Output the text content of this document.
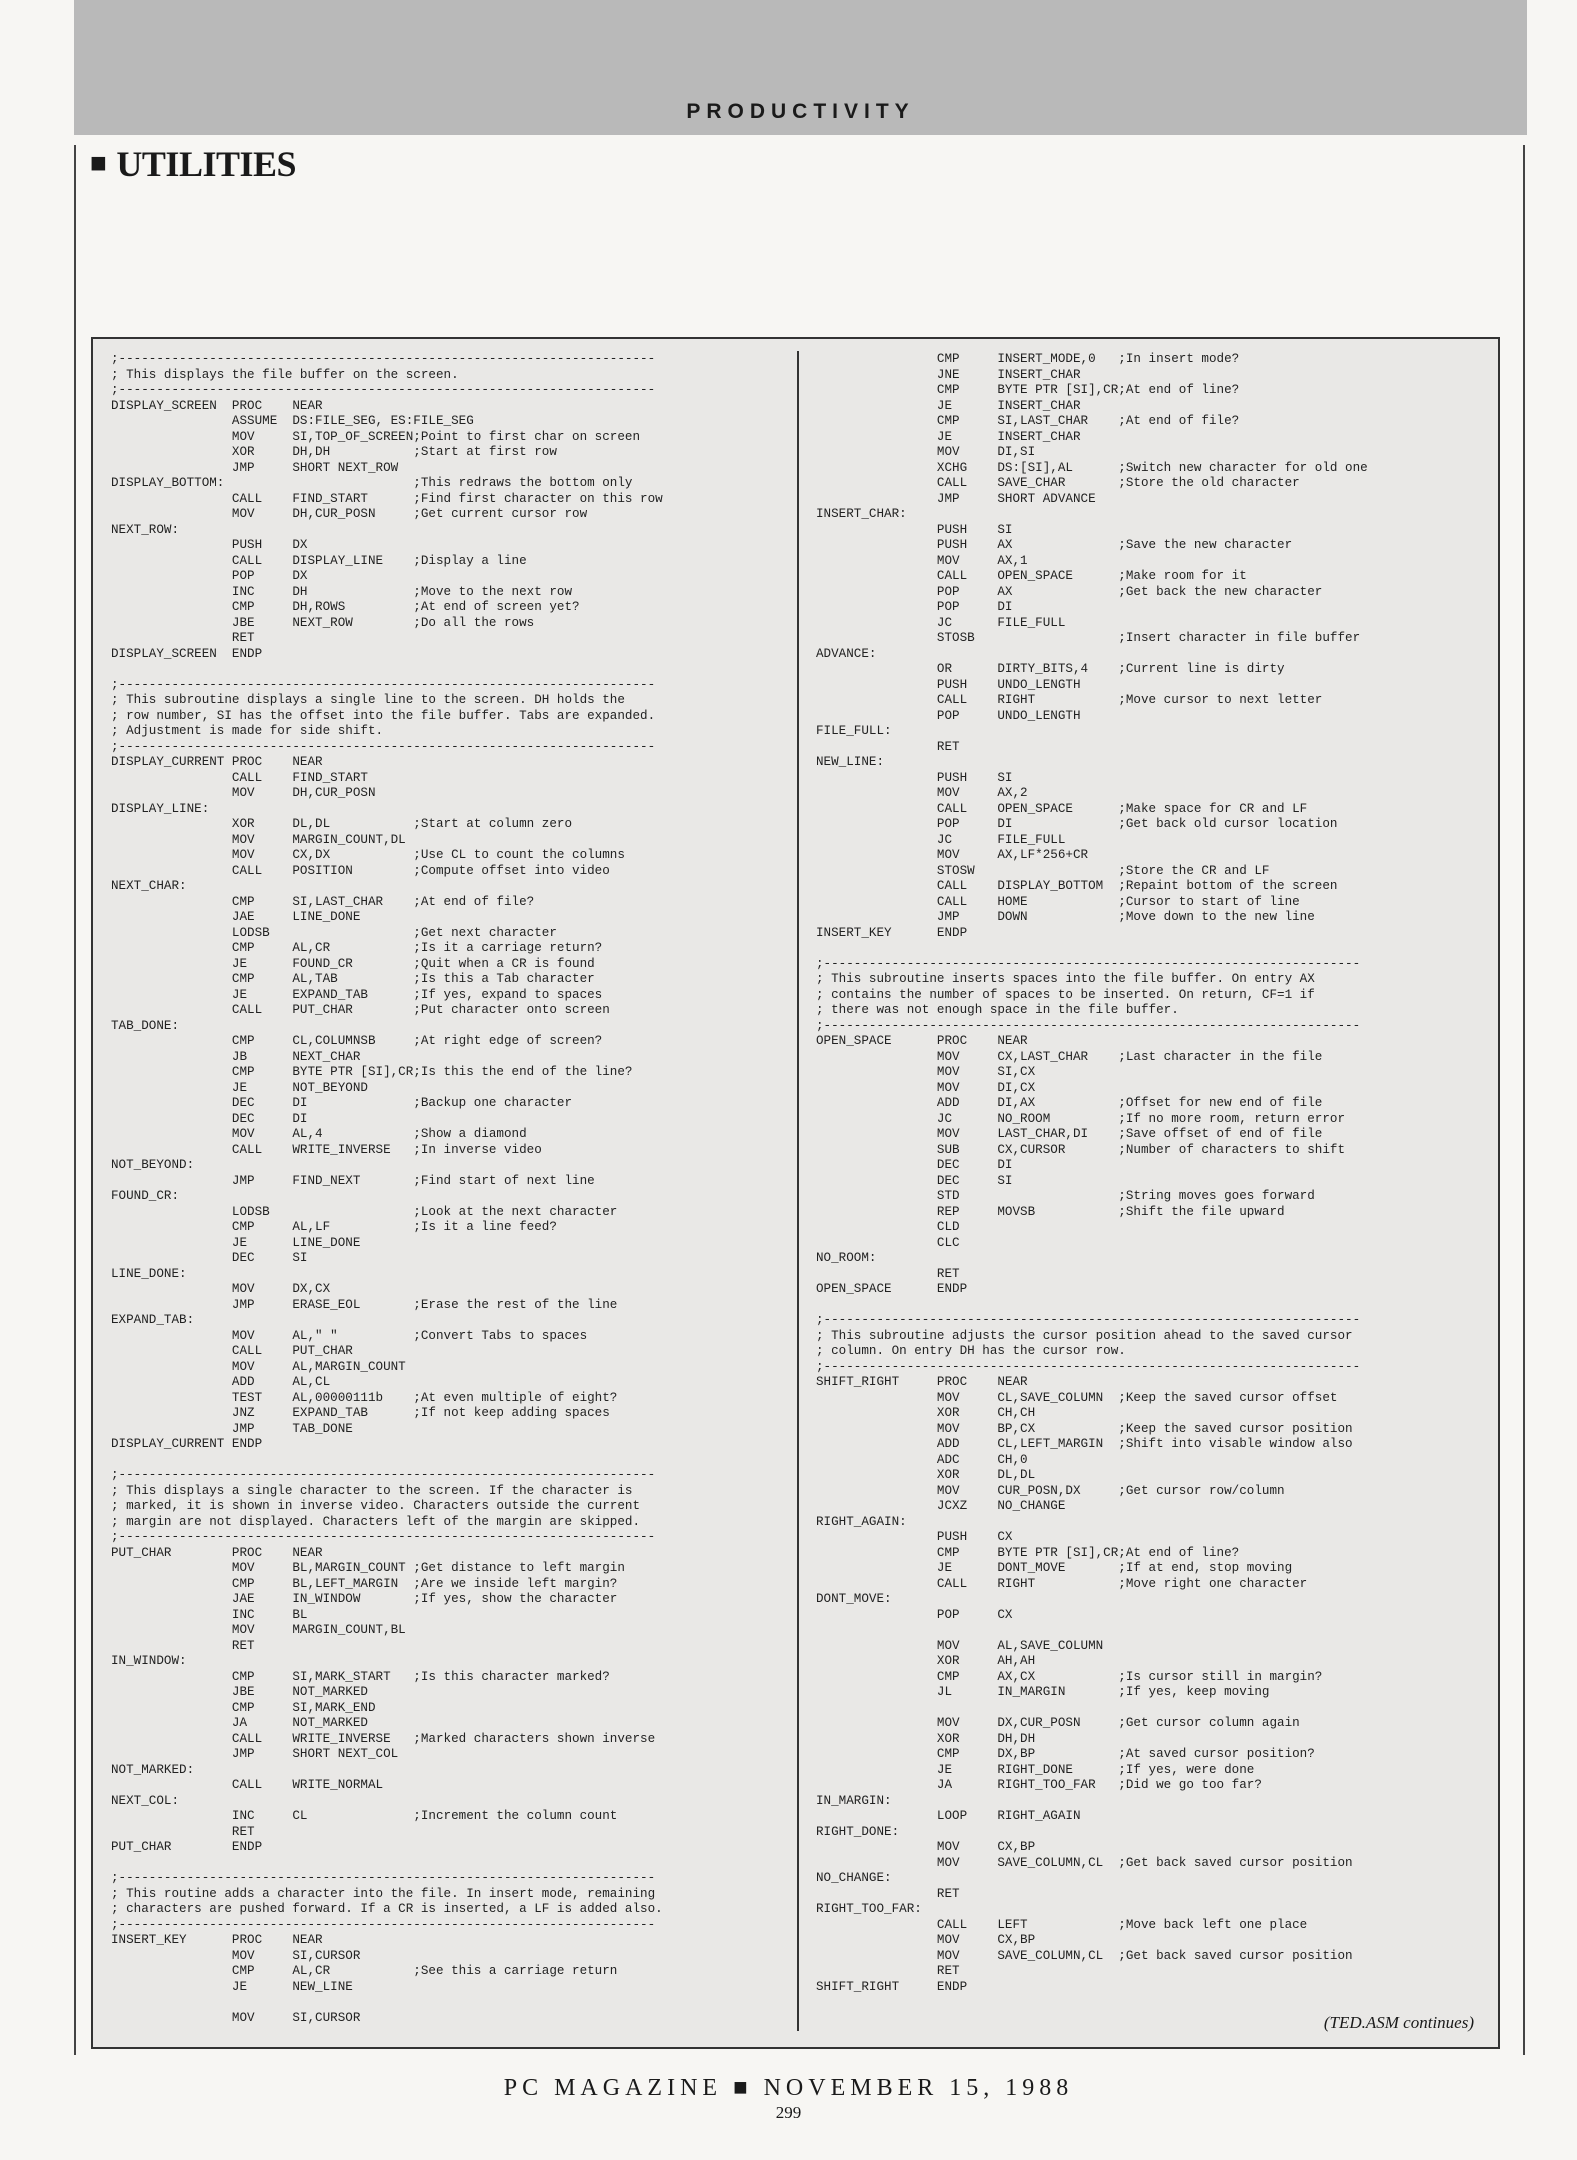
PRODUCTIVITY

■ UTILITIES
;-----------------------------------------------------------------------
; This displays the file buffer on the screen.
;-----------------------------------------------------------------------
DISPLAY_SCREEN  PROC    NEAR
ASSUME  DS:FILE_SEG, ES:FILE_SEG
MOV     SI,TOP_OF_SCREEN;Point to first char on screen
XOR     DH,DH           ;Start at first row
JMP     SHORT NEXT_ROW
DISPLAY_BOTTOM:                         ;This redraws the bottom only
CALL    FIND_START      ;Find first character on this row
MOV     DH,CUR_POSN     ;Get current cursor row
NEXT_ROW:
PUSH    DX
CALL    DISPLAY_LINE    ;Display a line
POP     DX
INC     DH              ;Move to the next row
CMP     DH,ROWS         ;At end of screen yet?
JBE     NEXT_ROW        ;Do all the rows
RET
DISPLAY_SCREEN  ENDP
;-----------------------------------------------------------------------
; This subroutine displays a single line to the screen. DH holds the
; row number, SI has the offset into the file buffer. Tabs are expanded.
; Adjustment is made for side shift.
;-----------------------------------------------------------------------
DISPLAY_CURRENT PROC    NEAR
CALL    FIND_START
MOV     DH,CUR_POSN
DISPLAY_LINE:
XOR     DL,DL           ;Start at column zero
MOV     MARGIN_COUNT,DL
MOV     CX,DX           ;Use CL to count the columns
CALL    POSITION        ;Compute offset into video
NEXT_CHAR:
CMP     SI,LAST_CHAR    ;At end of file?
JAE     LINE_DONE
LODSB                   ;Get next character
CMP     AL,CR           ;Is it a carriage return?
JE      FOUND_CR        ;Quit when a CR is found
CMP     AL,TAB          ;Is this a Tab character
JE      EXPAND_TAB      ;If yes, expand to spaces
CALL    PUT_CHAR        ;Put character onto screen
TAB_DONE:
CMP     CL,COLUMNSB     ;At right edge of screen?
JB      NEXT_CHAR
CMP     BYTE PTR [SI],CR;Is this the end of the line?
JE      NOT_BEYOND
DEC     DI              ;Backup one character
DEC     DI
MOV     AL,4            ;Show a diamond
CALL    WRITE_INVERSE   ;In inverse video
NOT_BEYOND:
JMP     FIND_NEXT       ;Find start of next line
FOUND_CR:
LODSB                   ;Look at the next character
CMP     AL,LF           ;Is it a line feed?
JE      LINE_DONE
DEC     SI
LINE_DONE:
MOV     DX,CX
JMP     ERASE_EOL       ;Erase the rest of the line
EXPAND_TAB:
MOV     AL," "          ;Convert Tabs to spaces
CALL    PUT_CHAR
MOV     AL,MARGIN_COUNT
ADD     AL,CL
TEST    AL,00000111b    ;At even multiple of eight?
JNZ     EXPAND_TAB      ;If not keep adding spaces
JMP     TAB_DONE
DISPLAY_CURRENT ENDP
;-----------------------------------------------------------------------
; This displays a single character to the screen. If the character is
; marked, it is shown in inverse video. Characters outside the current
; margin are not displayed. Characters left of the margin are skipped.
;-----------------------------------------------------------------------
PUT_CHAR        PROC    NEAR
MOV     BL,MARGIN_COUNT ;Get distance to left margin
CMP     BL,LEFT_MARGIN  ;Are we inside left margin?
JAE     IN_WINDOW       ;If yes, show the character
INC     BL
MOV     MARGIN_COUNT,BL
RET
IN_WINDOW:
CMP     SI,MARK_START   ;Is this character marked?
JBE     NOT_MARKED
CMP     SI,MARK_END
JA      NOT_MARKED
CALL    WRITE_INVERSE   ;Marked characters shown inverse
JMP     SHORT NEXT_COL
NOT_MARKED:
CALL    WRITE_NORMAL
NEXT_COL:
INC     CL              ;Increment the column count
RET
PUT_CHAR        ENDP
;-----------------------------------------------------------------------
; This routine adds a character into the file. In insert mode, remaining
; characters are pushed forward. If a CR is inserted, a LF is added also.
;-----------------------------------------------------------------------
INSERT_KEY      PROC    NEAR
MOV     SI,CURSOR
CMP     AL,CR           ;See this a carriage return
JE      NEW_LINE
MOV     SI,CURSOR
CMP     INSERT_MODE,0   ;In insert mode?
JNE     INSERT_CHAR
CMP     BYTE PTR [SI],CR;At end of line?
JE      INSERT_CHAR
CMP     SI,LAST_CHAR    ;At end of file?
JE      INSERT_CHAR
MOV     DI,SI
XCHG    DS:[SI],AL      ;Switch new character for old one
CALL    SAVE_CHAR       ;Store the old character
JMP     SHORT ADVANCE
INSERT_CHAR:
PUSH    SI
PUSH    AX              ;Save the new character
MOV     AX,1
CALL    OPEN_SPACE      ;Make room for it
POP     AX              ;Get back the new character
POP     DI
JC      FILE_FULL
STOSB                   ;Insert character in file buffer
ADVANCE:
OR      DIRTY_BITS,4    ;Current line is dirty
PUSH    UNDO_LENGTH
CALL    RIGHT           ;Move cursor to next letter
POP     UNDO_LENGTH
FILE_FULL:
RET
NEW_LINE:
PUSH    SI
MOV     AX,2
CALL    OPEN_SPACE      ;Make space for CR and LF
POP     DI              ;Get back old cursor location
JC      FILE_FULL
MOV     AX,LF*256+CR
STOSW                   ;Store the CR and LF
CALL    DISPLAY_BOTTOM  ;Repaint bottom of the screen
CALL    HOME            ;Cursor to start of line
JMP     DOWN            ;Move down to the new line
INSERT_KEY      ENDP
;-----------------------------------------------------------------------
; This subroutine inserts spaces into the file buffer. On entry AX
; contains the number of spaces to be inserted. On return, CF=1 if
; there was not enough space in the file buffer.
;-----------------------------------------------------------------------
OPEN_SPACE      PROC    NEAR
MOV     CX,LAST_CHAR    ;Last character in the file
MOV     SI,CX
MOV     DI,CX
ADD     DI,AX           ;Offset for new end of file
JC      NO_ROOM         ;If no more room, return error
MOV     LAST_CHAR,DI    ;Save offset of end of file
SUB     CX,CURSOR       ;Number of characters to shift
DEC     DI
DEC     SI
STD                     ;String moves goes forward
REP     MOVSB           ;Shift the file upward
CLD
CLC
NO_ROOM:
RET
OPEN_SPACE      ENDP
;-----------------------------------------------------------------------
; This subroutine adjusts the cursor position ahead to the saved cursor
; column. On entry DH has the cursor row.
;-----------------------------------------------------------------------
SHIFT_RIGHT     PROC    NEAR
MOV     CL,SAVE_COLUMN  ;Keep the saved cursor offset
XOR     CH,CH
MOV     BP,CX           ;Keep the saved cursor position
ADD     CL,LEFT_MARGIN  ;Shift into visable window also
ADC     CH,0
XOR     DL,DL
MOV     CUR_POSN,DX     ;Get cursor row/column
JCXZ    NO_CHANGE
RIGHT_AGAIN:
PUSH    CX
CMP     BYTE PTR [SI],CR;At end of line?
JE      DONT_MOVE       ;If at end, stop moving
CALL    RIGHT           ;Move right one character
DONT_MOVE:
POP     CX
MOV     AL,SAVE_COLUMN
XOR     AH,AH
CMP     AX,CX           ;Is cursor still in margin?
JL      IN_MARGIN       ;If yes, keep moving
MOV     DX,CUR_POSN     ;Get cursor column again
XOR     DH,DH
CMP     DX,BP           ;At saved cursor position?
JE      RIGHT_DONE      ;If yes, were done
JA      RIGHT_TOO_FAR   ;Did we go too far?
IN_MARGIN:
LOOP    RIGHT_AGAIN
RIGHT_DONE:
MOV     CX,BP
MOV     SAVE_COLUMN,CL  ;Get back saved cursor position
NO_CHANGE:
RET
RIGHT_TOO_FAR:
CALL    LEFT            ;Move back left one place
MOV     CX,BP
MOV     SAVE_COLUMN,CL  ;Get back saved cursor position
RET
SHIFT_RIGHT     ENDP

(TED.ASM continues)

PC MAGAZINE ■ NOVEMBER 15, 1988

299
